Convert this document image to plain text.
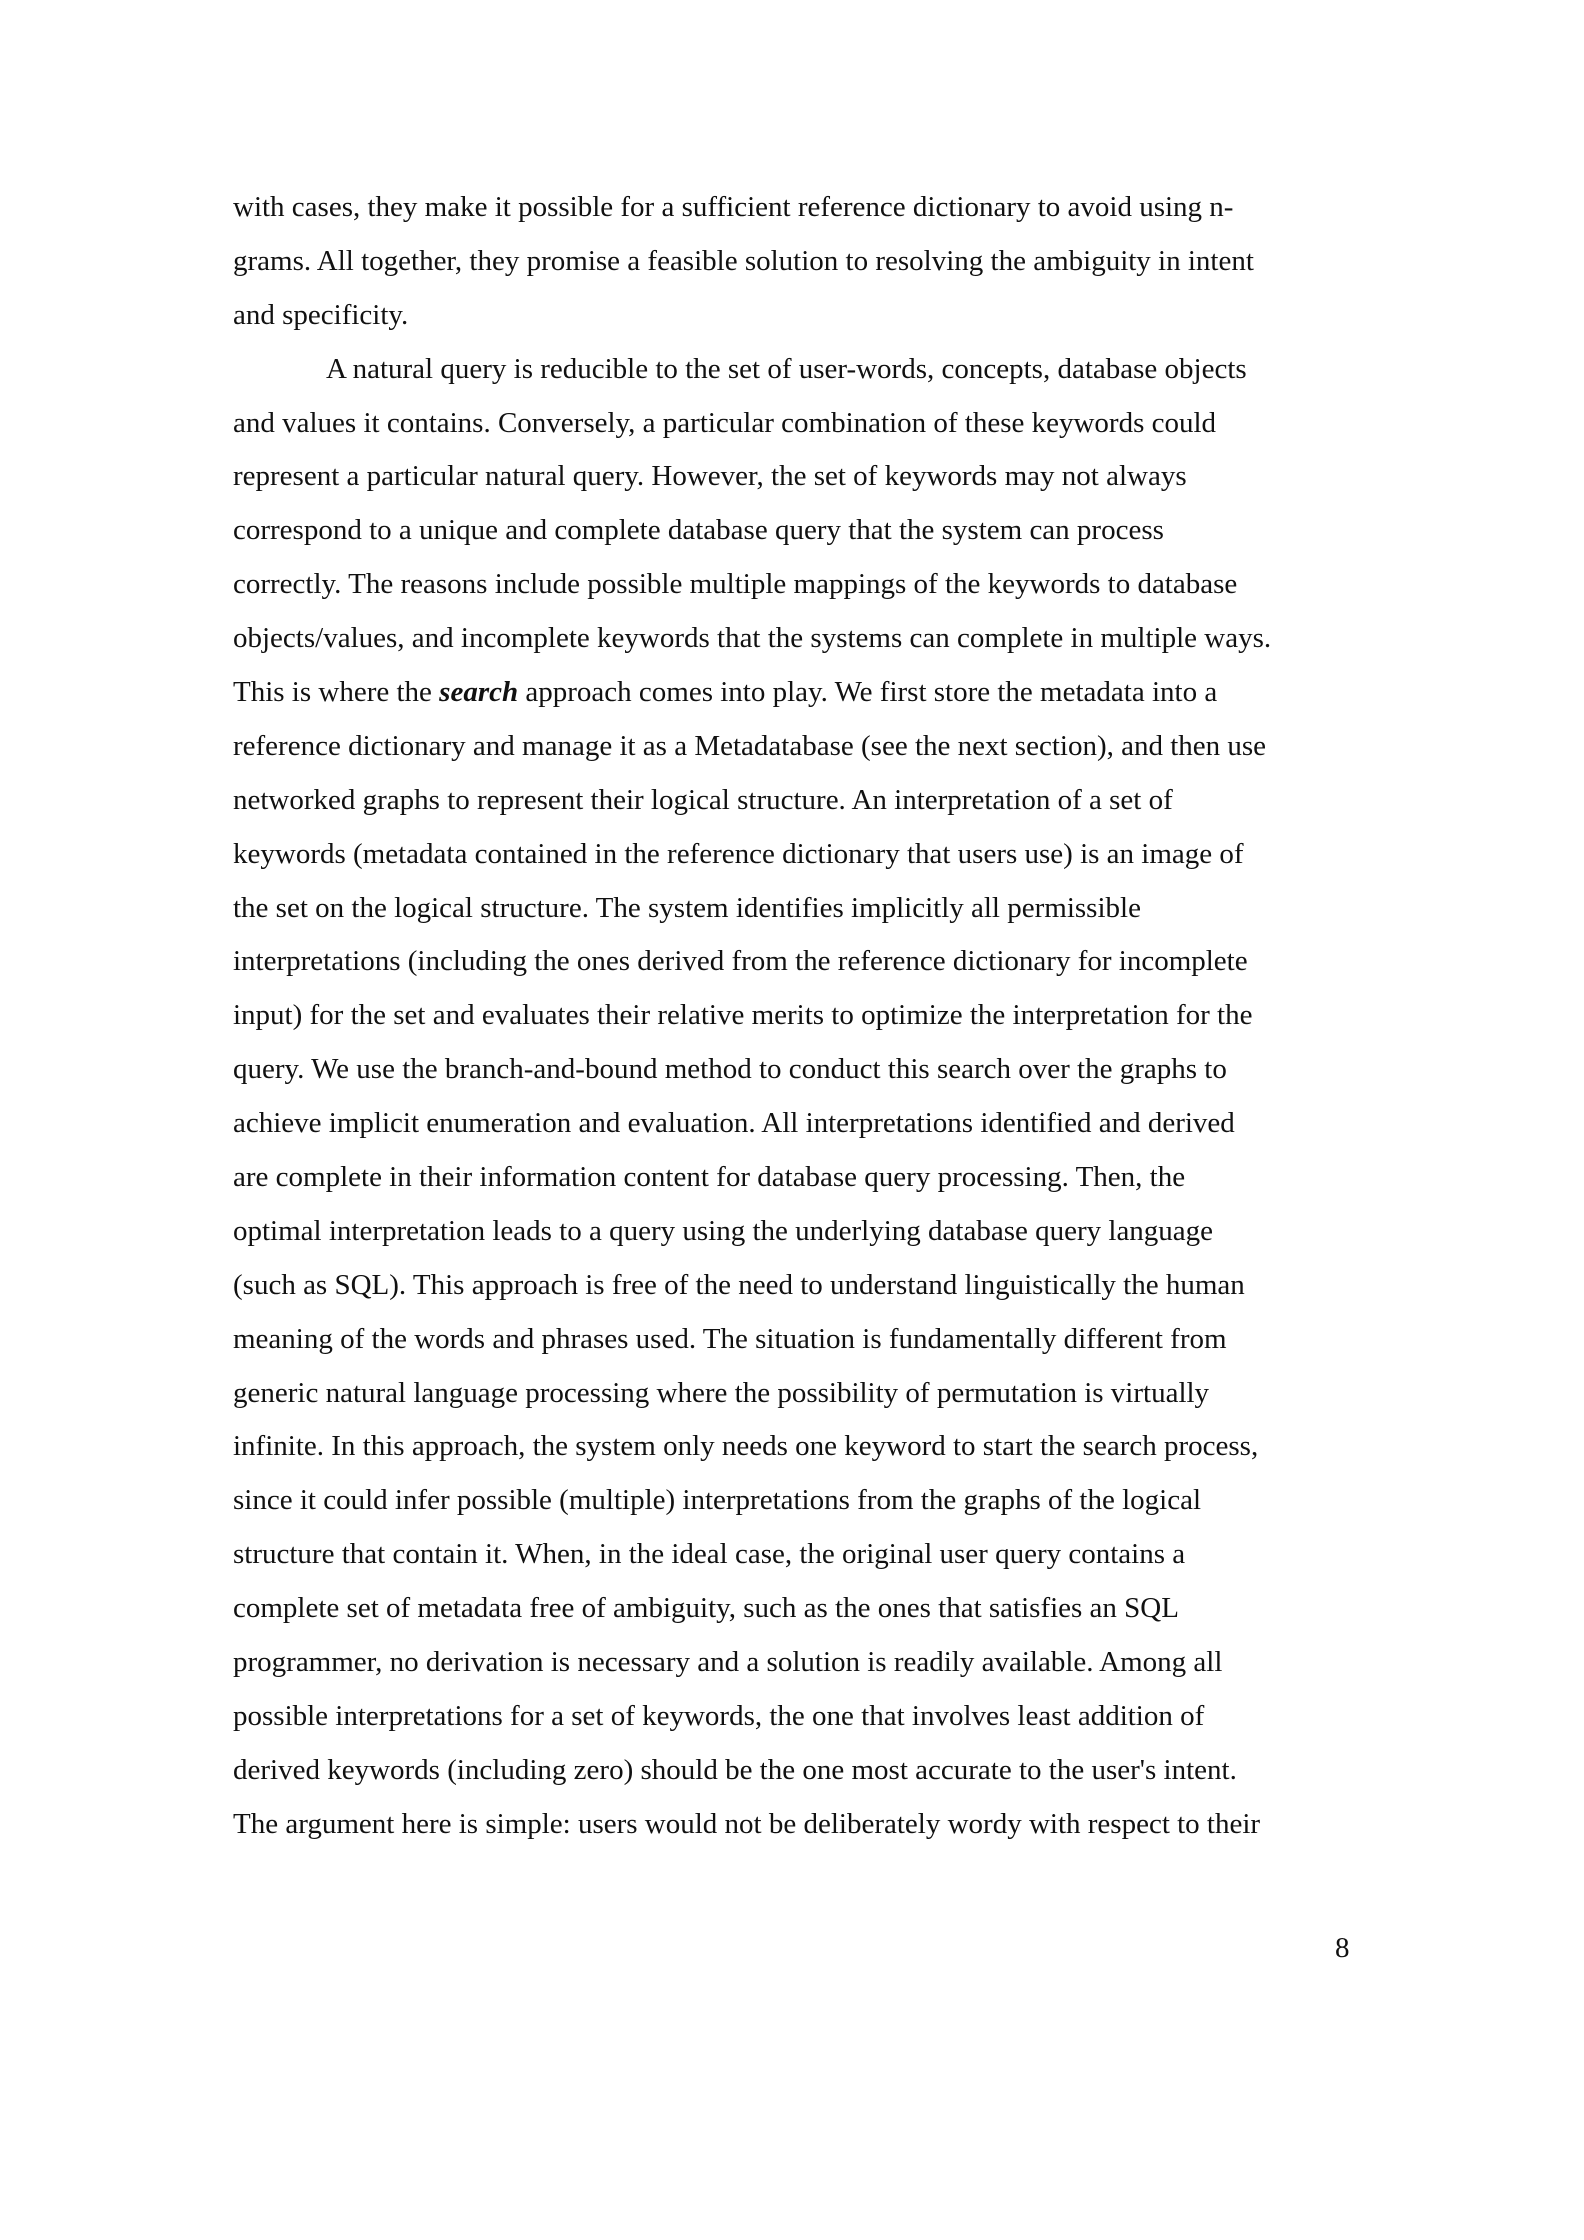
with cases, they make it possible for a sufficient reference dictionary to avoid using n-
grams. All together, they promise a feasible solution to resolving the ambiguity in intent
and specificity.
A natural query is reducible to the set of user-words, concepts, database objects
and values it contains. Conversely, a particular combination of these keywords could
represent a particular natural query. However, the set of keywords may not always
correspond to a unique and complete database query that the system can process
correctly. The reasons include possible multiple mappings of the keywords to database
objects/values, and incomplete keywords that the systems can complete in multiple ways.
This is where the search approach comes into play. We first store the metadata into a
reference dictionary and manage it as a Metadatabase (see the next section), and then use
networked graphs to represent their logical structure. An interpretation of a set of
keywords (metadata contained in the reference dictionary that users use) is an image of
the set on the logical structure. The system identifies implicitly all permissible
interpretations (including the ones derived from the reference dictionary for incomplete
input) for the set and evaluates their relative merits to optimize the interpretation for the
query. We use the branch-and-bound method to conduct this search over the graphs to
achieve implicit enumeration and evaluation. All interpretations identified and derived
are complete in their information content for database query processing. Then, the
optimal interpretation leads to a query using the underlying database query language
(such as SQL). This approach is free of the need to understand linguistically the human
meaning of the words and phrases used. The situation is fundamentally different from
generic natural language processing where the possibility of permutation is virtually
infinite. In this approach, the system only needs one keyword to start the search process,
since it could infer possible (multiple) interpretations from the graphs of the logical
structure that contain it. When, in the ideal case, the original user query contains a
complete set of metadata free of ambiguity, such as the ones that satisfies an SQL
programmer, no derivation is necessary and a solution is readily available. Among all
possible interpretations for a set of keywords, the one that involves least addition of
derived keywords (including zero) should be the one most accurate to the user's intent.
The argument here is simple: users would not be deliberately wordy with respect to their
8
